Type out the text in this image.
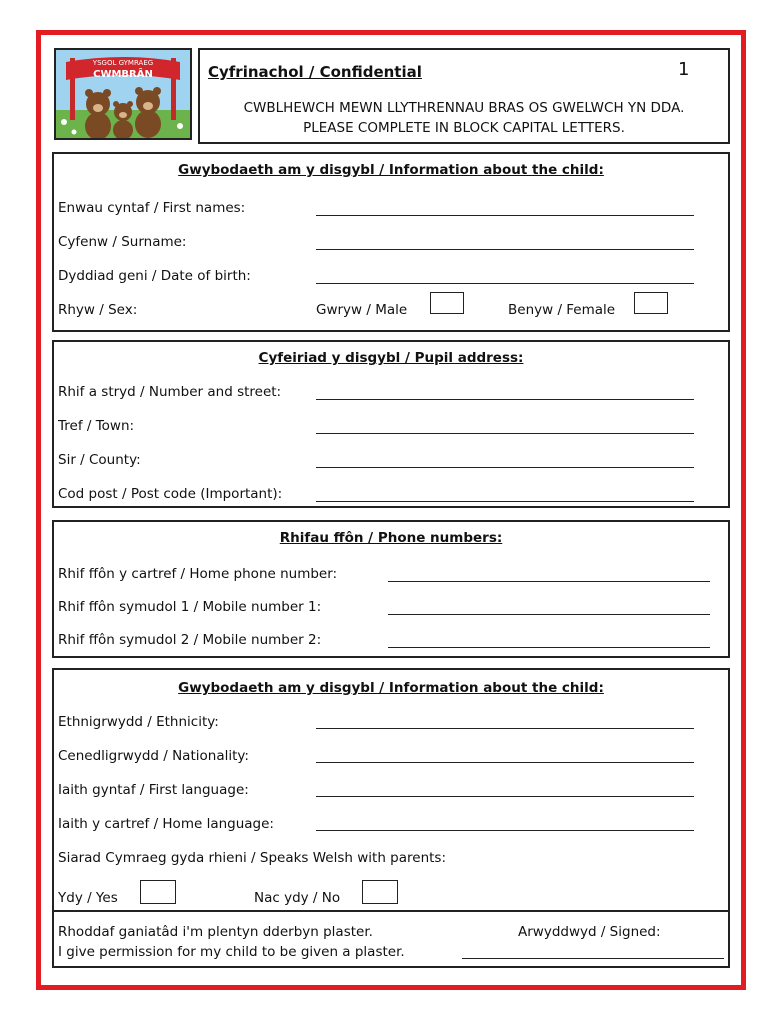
YSGOL GYMRAEG
CWMBRÂN	Cyfrinachol / Confidential	1
CWBLHEWCH MEWN LLYTHRENNAU BRAS OS GWELWCH YN DDA.
PLEASE COMPLETE IN BLOCK CAPITAL LETTERS.
Gwybodaeth am y disgybl / Information about the child:
Enwau cyntaf / First names:
Cyfenw / Surname:
Dyddiad geni / Date of birth:
Rhyw / Sex:	Gwryw / Male	Benyw / Female
Cyfeiriad y disgybl / Pupil address:
Rhif a stryd / Number and street:
Tref / Town:
Sir / County:
Cod post / Post code (Important):
Rhifau ffôn / Phone numbers:
Rhif ffôn y cartref / Home phone number:
Rhif ffôn symudol 1 / Mobile number 1:
Rhif ffôn symudol 2 / Mobile number 2:
Gwybodaeth am y disgybl / Information about the child:
Ethnigrwydd / Ethnicity:
Cenedligrwydd / Nationality:
Iaith gyntaf / First language:
Iaith y cartref / Home language:
Siarad Cymraeg gyda rhieni / Speaks Welsh with parents:
Ydy / Yes	Nac ydy / No
Rhoddaf ganiatâd i'm plentyn dderbyn plaster.
I give permission for my child to be given a plaster.
Arwyddwyd / Signed:
